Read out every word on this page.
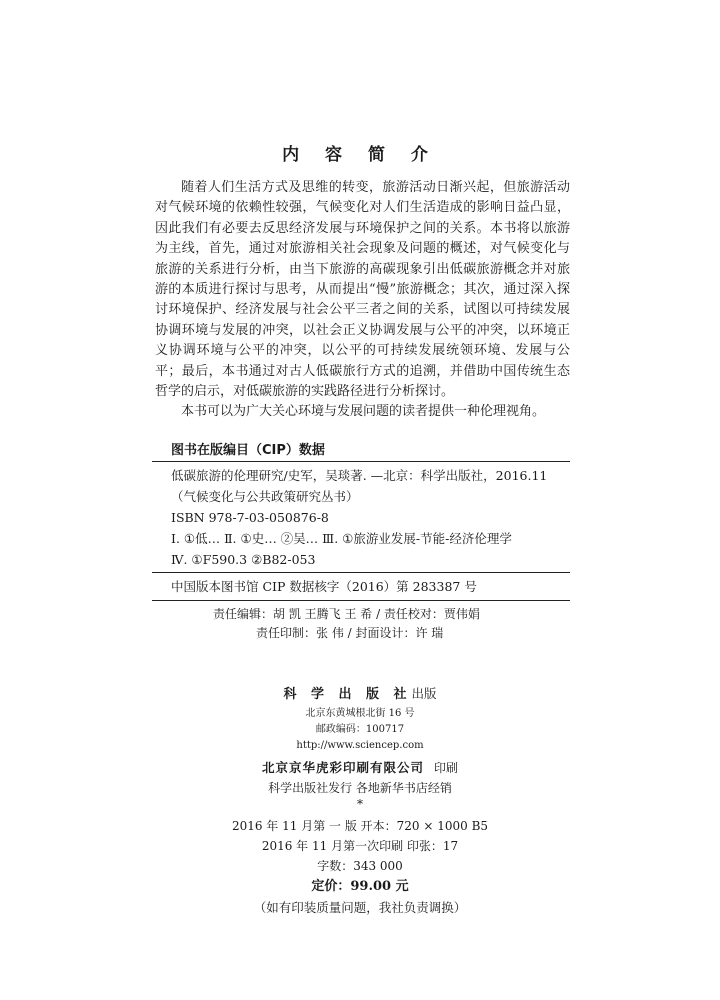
内 容 简 介

随着人们生活方式及思维的转变，旅游活动日渐兴起，但旅游活动对气候环境的依赖性较强，气候变化对人们生活造成的影响日益凸显，因此我们有必要去反思经济发展与环境保护之间的关系。本书将以旅游为主线，首先，通过对旅游相关社会现象及问题的概述，对气候变化与旅游的关系进行分析，由当下旅游的高碳现象引出低碳旅游概念并对旅游的本质进行探讨与思考，从而提出“慢”旅游概念；其次，通过深入探讨环境保护、经济发展与社会公平三者之间的关系，试图以可持续发展协调环境与发展的冲突，以社会正义协调发展与公平的冲突，以环境正义协调环境与公平的冲突，以公平的可持续发展统领环境、发展与公平；最后，本书通过对古人低碳旅行方式的追溯，并借助中国传统生态哲学的启示，对低碳旅游的实践路径进行分析探讨。

本书可以为广大关心环境与发展问题的读者提供一种伦理视角。

图书在版编目（CIP）数据
低碳旅游的伦理研究/史军，吴琰著. —北京：科学出版社，2016.11
（气候变化与公共政策研究丛书）
ISBN 978-7-03-050876-8
Ⅰ. ①低… Ⅱ. ①史… ②吴… Ⅲ. ①旅游业发展-节能-经济伦理学
Ⅳ. ①F590.3 ②B82-053
中国版本图书馆 CIP 数据核字（2016）第 283387 号
责任编辑：胡 凯 王腾飞 王 希 / 责任校对：贾伟娟
责任印制：张 伟 / 封面设计：许 瑞
科 学 出 版 社出版
北京东黄城根北街 16 号
邮政编码：100717
http://www.sciencep.com
北京京华虎彩印刷有限公司 印刷
科学出版社发行 各地新华书店经销
*
2016 年 11 月第 一 版 开本：720 × 1000 B5
2016 年 11 月第一次印刷 印张：17
字数：343 000
定价：99.00 元
（如有印装质量问题，我社负责调换）
